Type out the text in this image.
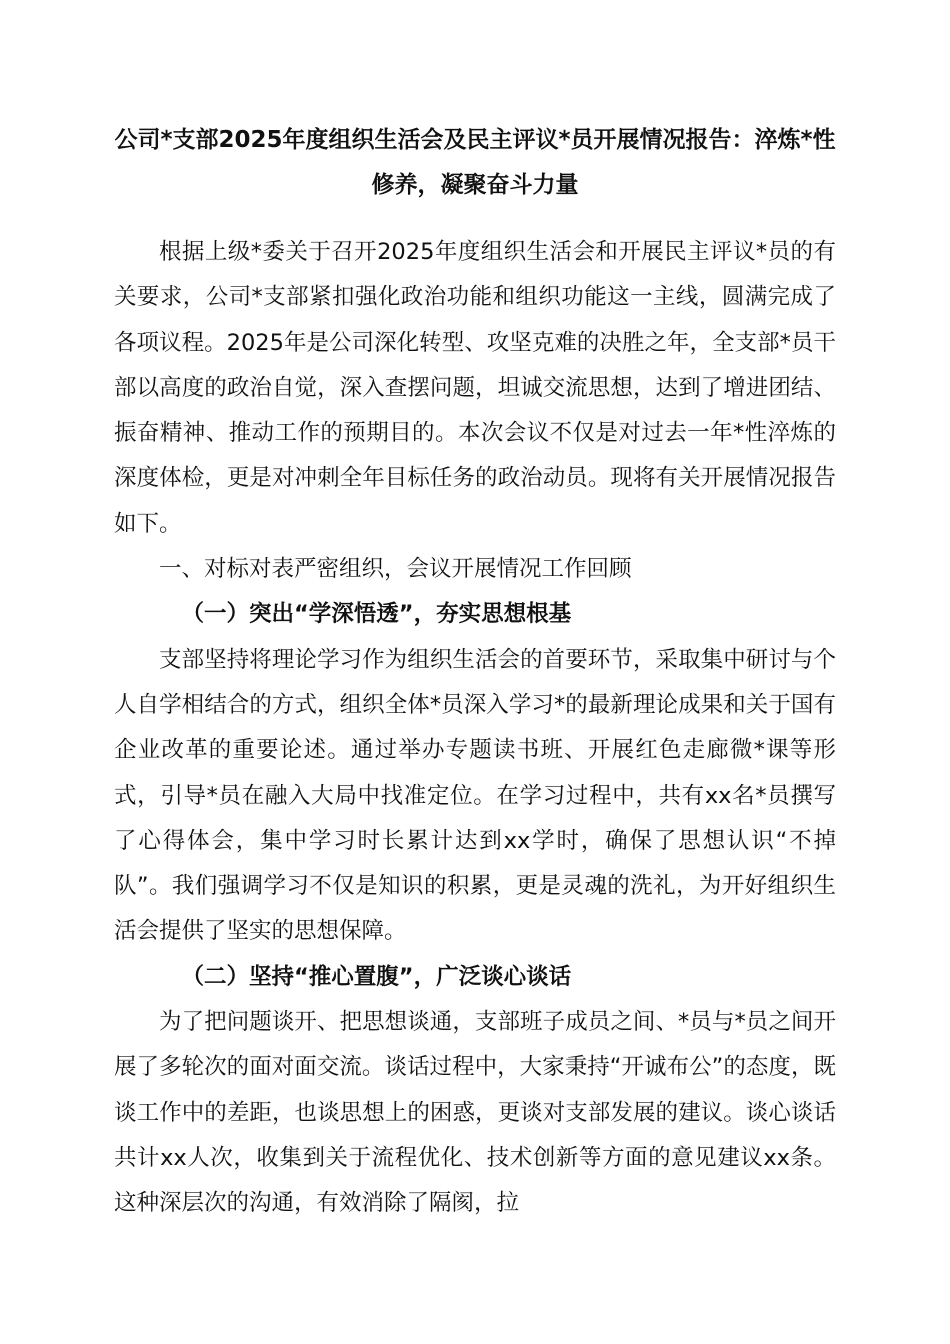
公司*支部2025年度组织生活会及民主评议*员开展情况报告：淬炼*性修养，凝聚奋斗力量

根据上级*委关于召开2025年度组织生活会和开展民主评议*员的有关要求，公司*支部紧扣强化政治功能和组织功能这一主线，圆满完成了各项议程。2025年是公司深化转型、攻坚克难的决胜之年，全支部*员干部以高度的政治自觉，深入查摆问题，坦诚交流思想，达到了增进团结、振奋精神、推动工作的预期目的。本次会议不仅是对过去一年*性淬炼的深度体检，更是对冲刺全年目标任务的政治动员。现将有关开展情况报告如下。

一、对标对表严密组织，会议开展情况工作回顾

（一）突出“学深悟透”，夯实思想根基

支部坚持将理论学习作为组织生活会的首要环节，采取集中研讨与个人自学相结合的方式，组织全体*员深入学习*的最新理论成果和关于国有企业改革的重要论述。通过举办专题读书班、开展红色走廊微*课等形式，引导*员在融入大局中找准定位。在学习过程中，共有xx名*员撰写了心得体会，集中学习时长累计达到xx学时，确保了思想认识“不掉队”。我们强调学习不仅是知识的积累，更是灵魂的洗礼，为开好组织生活会提供了坚实的思想保障。

（二）坚持“推心置腹”，广泛谈心谈话

为了把问题谈开、把思想谈通，支部班子成员之间、*员与*员之间开展了多轮次的面对面交流。谈话过程中，大家秉持“开诚布公”的态度，既谈工作中的差距，也谈思想上的困惑，更谈对支部发展的建议。谈心谈话共计xx人次，收集到关于流程优化、技术创新等方面的意见建议xx条。这种深层次的沟通，有效消除了隔阂，拉
